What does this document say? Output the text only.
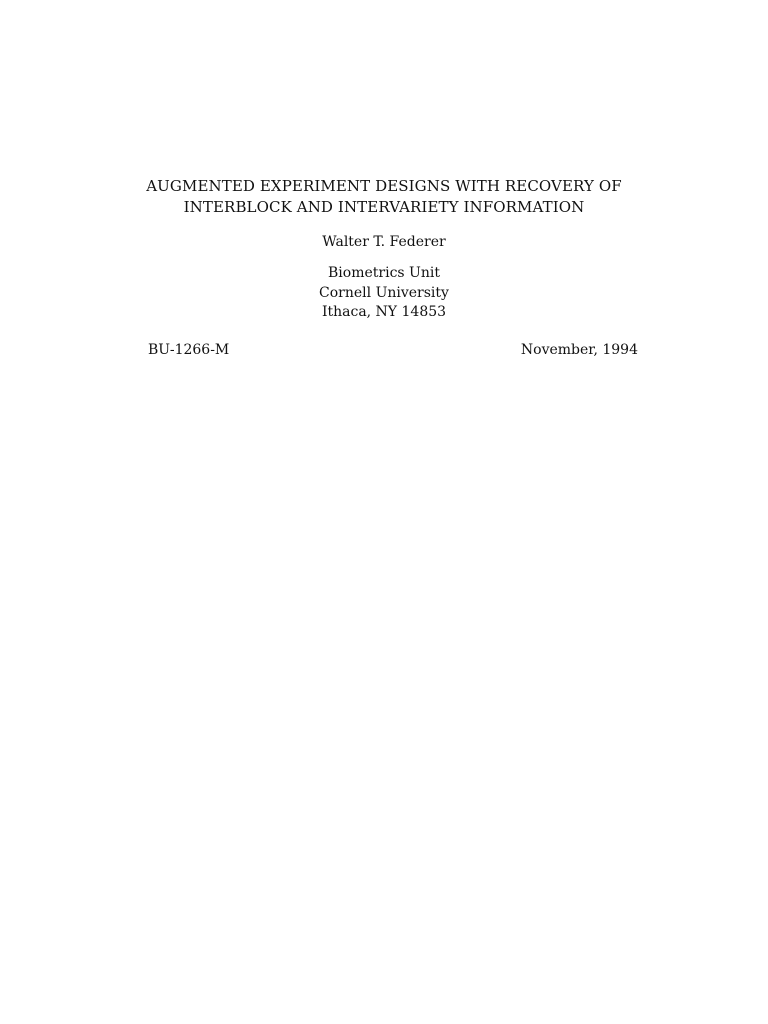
AUGMENTED EXPERIMENT DESIGNS WITH RECOVERY OF
INTERBLOCK AND INTERVARIETY INFORMATION
Walter T. Federer
Biometrics Unit
Cornell University
Ithaca, NY 14853
BU-1266-M	November, 1994
